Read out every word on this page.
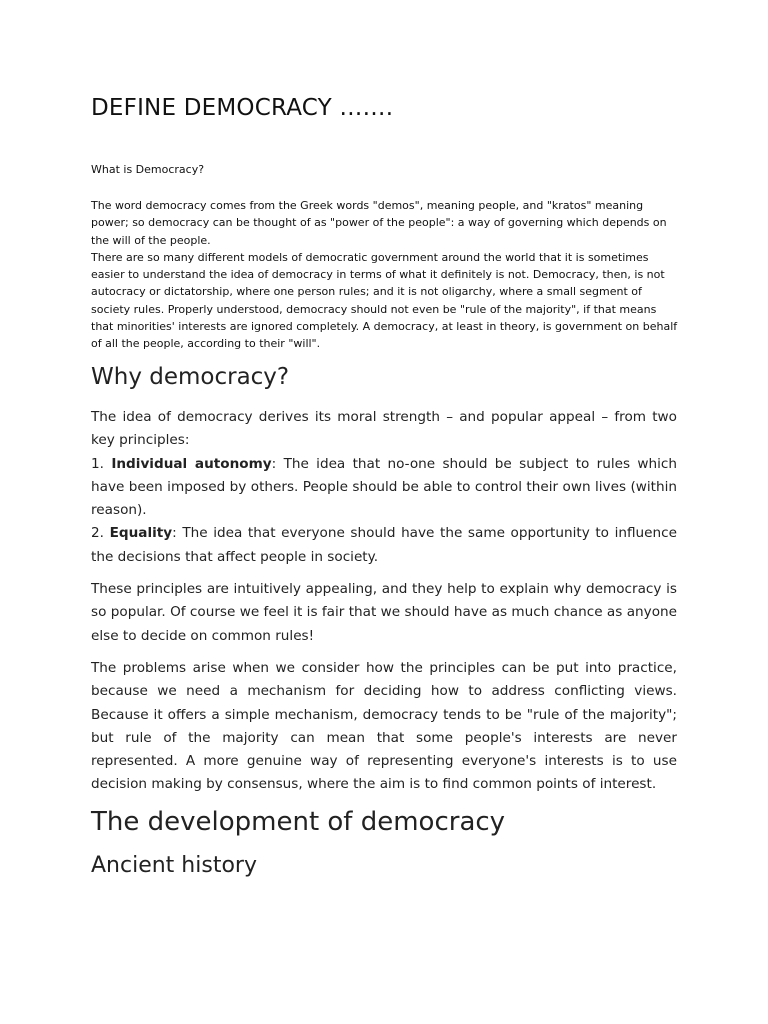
DEFINE DEMOCRACY …….

What is Democracy?

The word democracy comes from the Greek words "demos", meaning people, and "kratos" meaning power; so democracy can be thought of as "power of the people": a way of governing which depends on the will of the people.

There are so many different models of democratic government around the world that it is sometimes easier to understand the idea of democracy in terms of what it definitely is not. Democracy, then, is not autocracy or dictatorship, where one person rules; and it is not oligarchy, where a small segment of society rules. Properly understood, democracy should not even be "rule of the majority", if that means that minorities' interests are ignored completely. A democracy, at least in theory, is government on behalf of all the people, according to their "will".

Why democracy?

The idea of democracy derives its moral strength – and popular appeal – from two key principles:

1. Individual autonomy: The idea that no-one should be subject to rules which have been imposed by others. People should be able to control their own lives (within reason).

2. Equality: The idea that everyone should have the same opportunity to influence the decisions that affect people in society.

These principles are intuitively appealing, and they help to explain why democracy is so popular. Of course we feel it is fair that we should have as much chance as anyone else to decide on common rules!

The problems arise when we consider how the principles can be put into practice, because we need a mechanism for deciding how to address conflicting views. Because it offers a simple mechanism, democracy tends to be "rule of the majority"; but rule of the majority can mean that some people's interests are never represented. A more genuine way of representing everyone's interests is to use decision making by consensus, where the aim is to find common points of interest.

The development of democracy
Ancient history
